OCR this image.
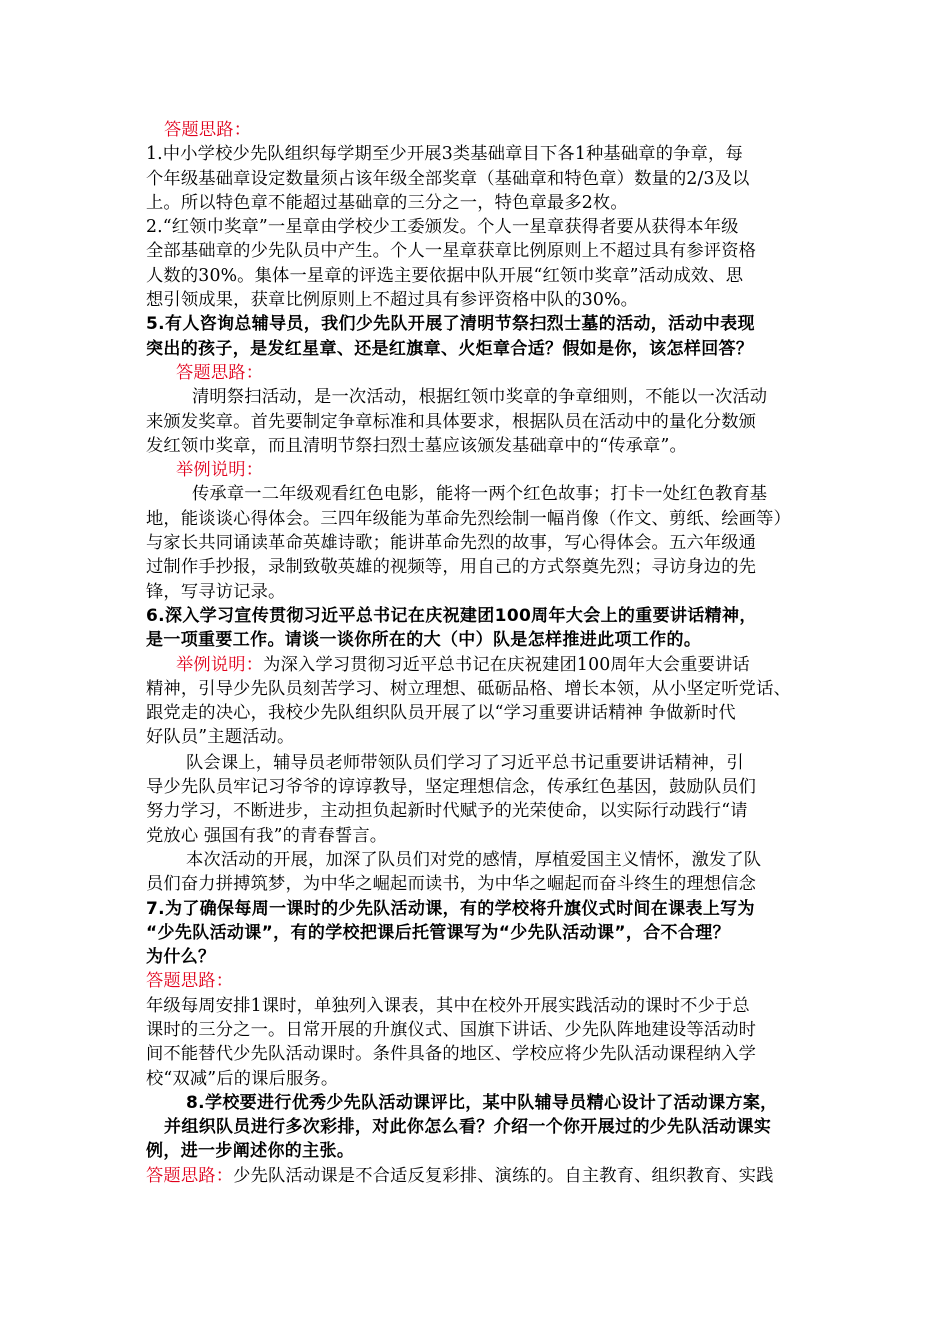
答题思路：
1.中小学校少先队组织每学期至少开展3类基础章目下各1种基础章的争章，每
个年级基础章设定数量须占该年级全部奖章（基础章和特色章）数量的2/3及以
上。所以特色章不能超过基础章的三分之一，特色章最多2枚。
2.“红领巾奖章”一星章由学校少工委颁发。个人一星章获得者要从获得本年级
全部基础章的少先队员中产生。个人一星章获章比例原则上不超过具有参评资格
人数的30%。集体一星章的评选主要依据中队开展“红领巾奖章”活动成效、思
想引领成果，获章比例原则上不超过具有参评资格中队的30%。
5.有人咨询总辅导员，我们少先队开展了清明节祭扫烈士墓的活动，活动中表现
突出的孩子，是发红星章、还是红旗章、火炬章合适？假如是你，该怎样回答？
答题思路：
清明祭扫活动，是一次活动，根据红领巾奖章的争章细则，不能以一次活动
来颁发奖章。首先要制定争章标准和具体要求，根据队员在活动中的量化分数颁
发红领巾奖章，而且清明节祭扫烈士墓应该颁发基础章中的“传承章”。
举例说明：
传承章一二年级观看红色电影，能将一两个红色故事；打卡一处红色教育基
地，能谈谈心得体会。三四年级能为革命先烈绘制一幅肖像（作文、剪纸、绘画等）
与家长共同诵读革命英雄诗歌；能讲革命先烈的故事，写心得体会。五六年级通
过制作手抄报，录制致敬英雄的视频等，用自己的方式祭奠先烈；寻访身边的先
锋，写寻访记录。
6.深入学习宣传贯彻习近平总书记在庆祝建团100周年大会上的重要讲话精神，
是一项重要工作。请谈一谈你所在的大（中）队是怎样推进此项工作的。
举例说明：为深入学习贯彻习近平总书记在庆祝建团100周年大会重要讲话
精神，引导少先队员刻苦学习、树立理想、砥砺品格、增长本领，从小坚定听党话、
跟党走的决心，我校少先队组织队员开展了以“学习重要讲话精神 争做新时代
好队员”主题活动。
队会课上，辅导员老师带领队员们学习了习近平总书记重要讲话精神，引
导少先队员牢记习爷爷的谆谆教导，坚定理想信念，传承红色基因，鼓励队员们
努力学习，不断进步，主动担负起新时代赋予的光荣使命，以实际行动践行“请
党放心 强国有我”的青春誓言。
本次活动的开展，加深了队员们对党的感情，厚植爱国主义情怀，激发了队
员们奋力拼搏筑梦，为中华之崛起而读书，为中华之崛起而奋斗终生的理想信念
7.为了确保每周一课时的少先队活动课，有的学校将升旗仪式时间在课表上写为
“少先队活动课”，有的学校把课后托管课写为“少先队活动课”，合不合理？
为什么？
答题思路：
年级每周安排1课时，单独列入课表，其中在校外开展实践活动的课时不少于总
课时的三分之一。日常开展的升旗仪式、国旗下讲话、少先队阵地建设等活动时
间不能替代少先队活动课时。条件具备的地区、学校应将少先队活动课程纳入学
校“双减”后的课后服务。
8.学校要进行优秀少先队活动课评比，某中队辅导员精心设计了活动课方案，
并组织队员进行多次彩排，对此你怎么看？介绍一个你开展过的少先队活动课实
例，进一步阐述你的主张。
答题思路：少先队活动课是不合适反复彩排、演练的。自主教育、组织教育、实践
